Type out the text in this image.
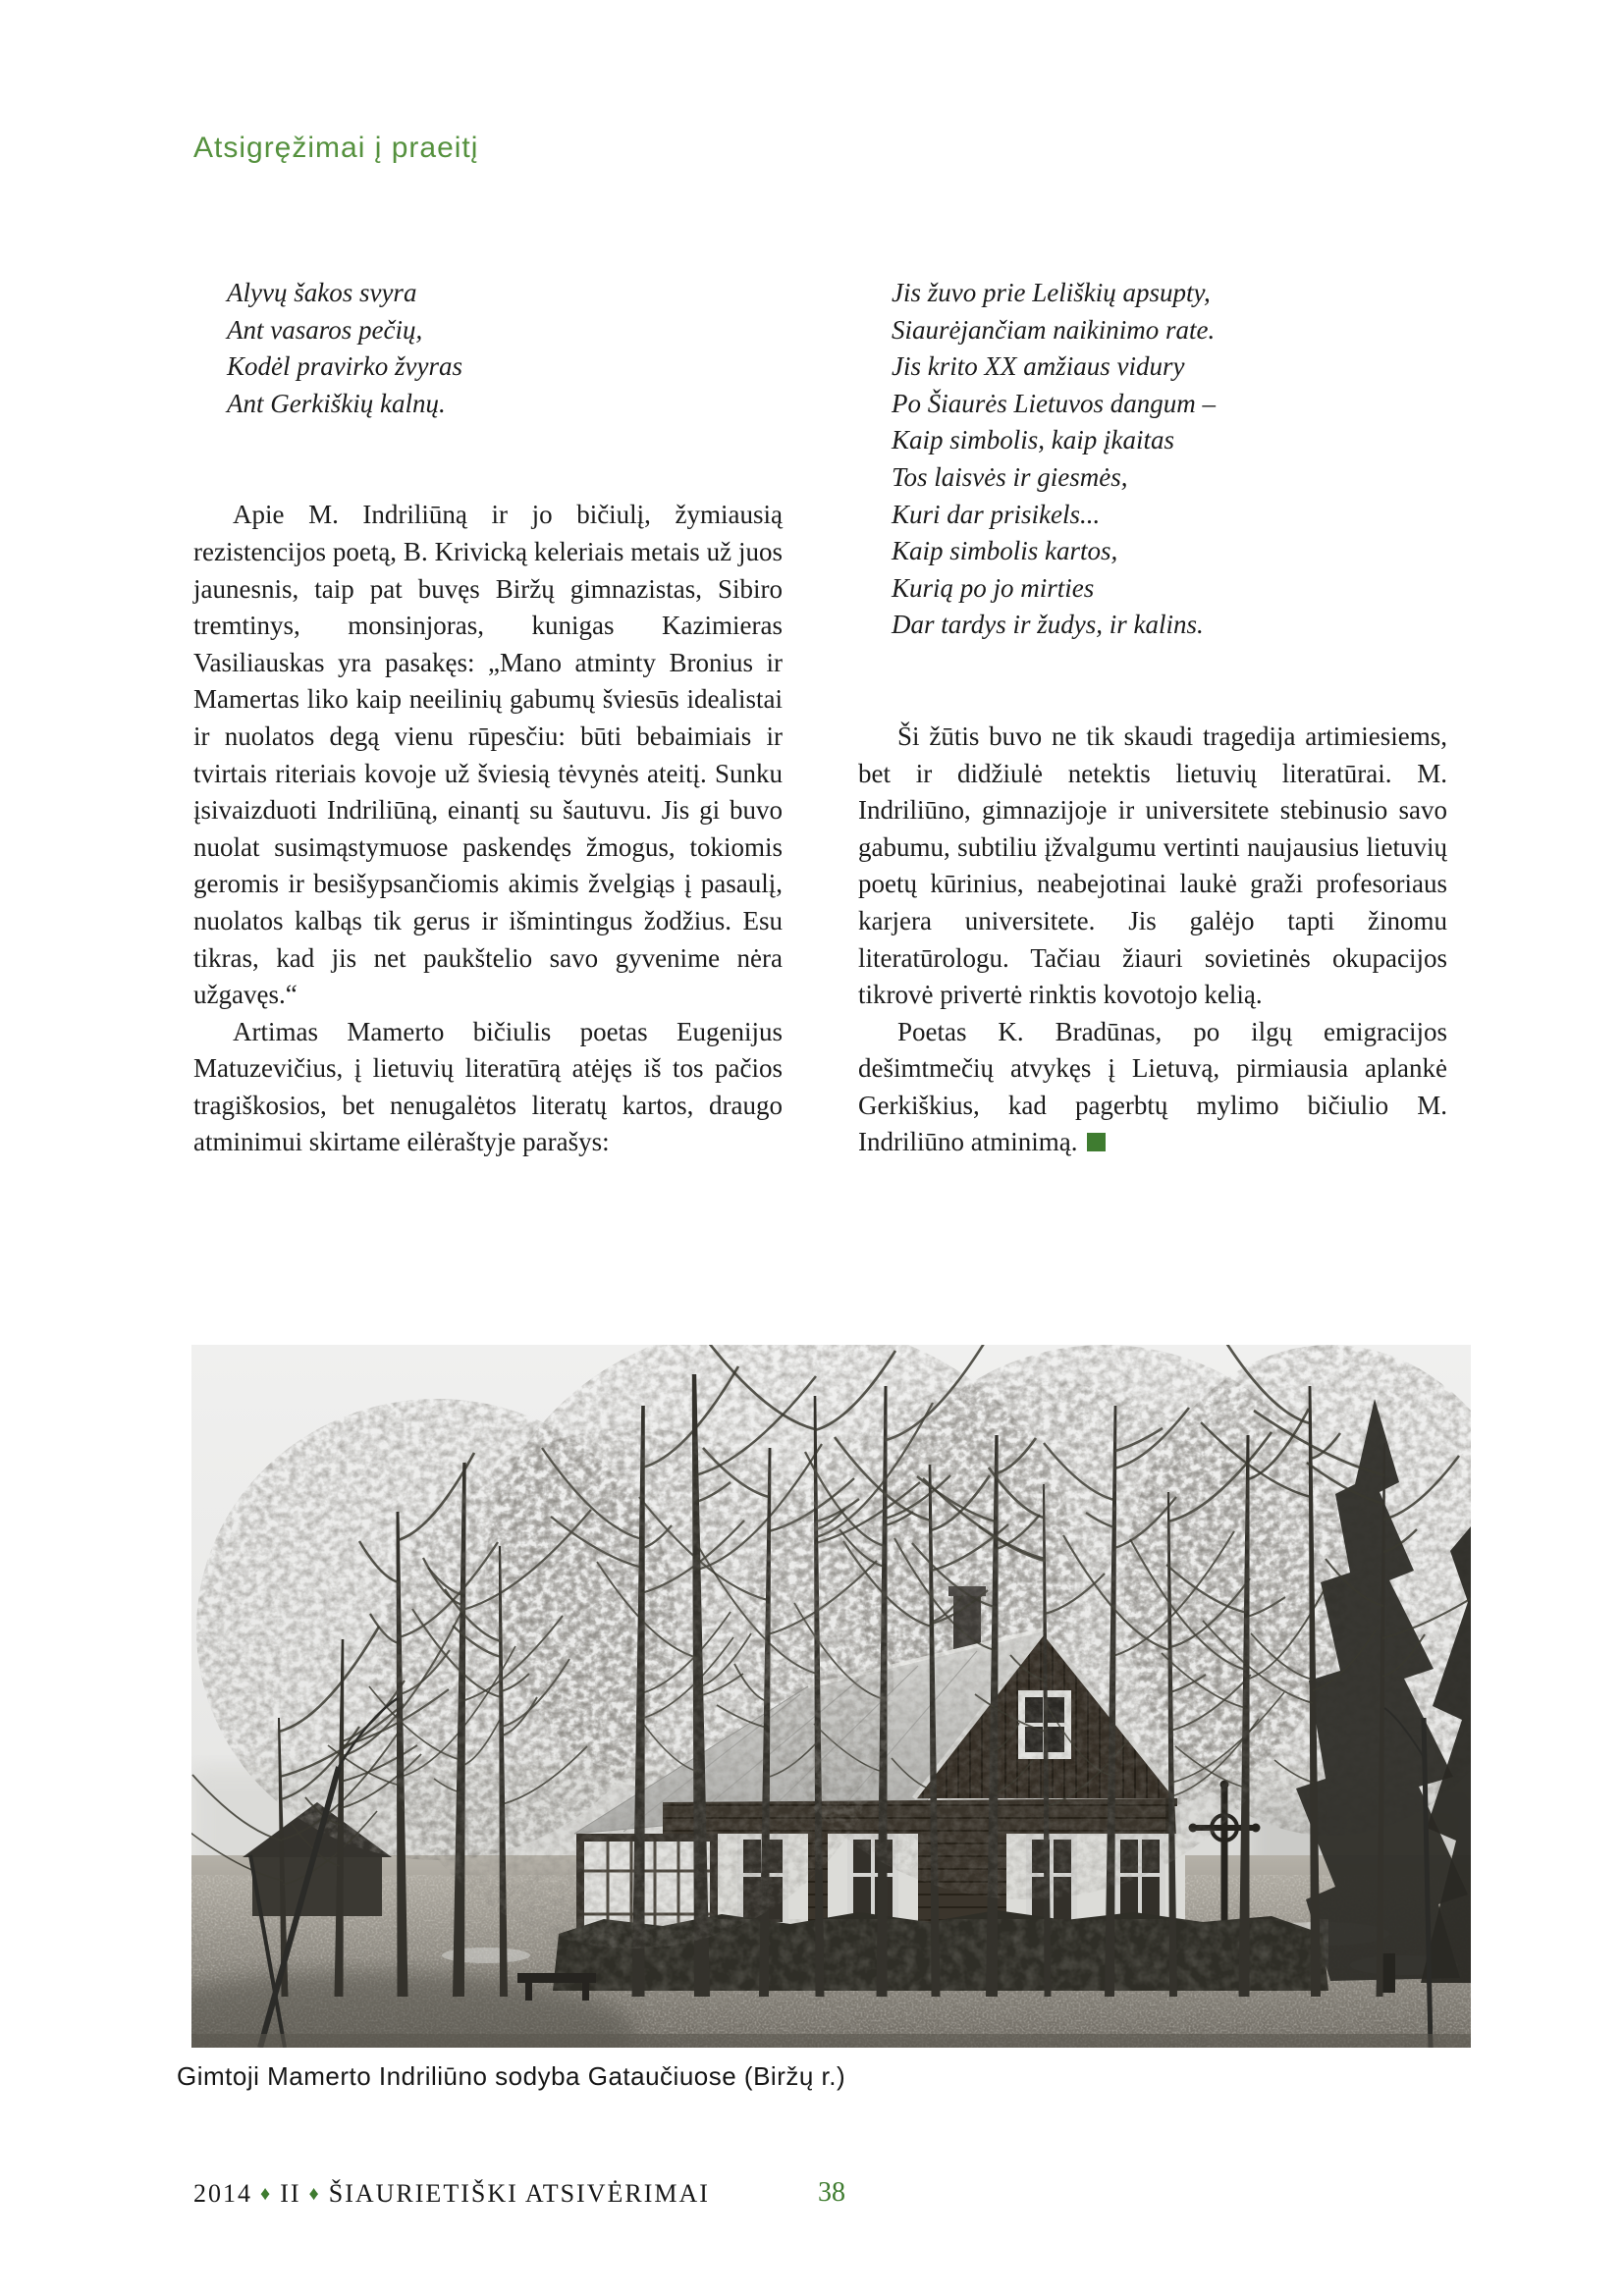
Atsigręžimai į praeitį
Alyvų šakos svyra
Ant vasaros pečių,
Kodėl pravirko žvyras
Ant Gerkiškių kalnų.

Apie M. Indriliūną ir jo bičiulį, žymiausią rezistencijos poetą, B. Krivicką keleriais metais už juos jaunesnis, taip pat buvęs Biržų gimnazistas, Sibiro tremtinys, monsinjoras, kunigas Kazimieras Vasiliauskas yra pasakęs: „Mano atminty Bronius ir Mamertas liko kaip neeilinių gabumų šviesūs idealistai ir nuolatos degą vienu rūpesčiu: būti bebaimiais ir tvirtais riteriais kovoje už šviesią tėvynės ateitį. Sunku įsivaizduoti Indriliūną, einantį su šautuvu. Jis gi buvo nuolat susimąstymuose paskendęs žmogus, tokiomis geromis ir besišypsančiomis akimis žvelgiąs į pasaulį, nuolatos kalbąs tik gerus ir išmintingus žodžius. Esu tikras, kad jis net paukštelio savo gyvenime nėra užgavęs.“

Artimas Mamerto bičiulis poetas Eugenijus Matuzevičius, į lietuvių literatūrą atėjęs iš tos pačios tragiškosios, bet nenugalėtos literatų kartos, draugo atminimui skirtame eilėraštyje parašys:

Jis žuvo prie Leliškių apsupty,
Siaurėjančiam naikinimo rate.
Jis krito XX amžiaus vidury
Po Šiaurės Lietuvos dangum –
Kaip simbolis, kaip įkaitas
Tos laisvės ir giesmės,
Kuri dar prisikels...
Kaip simbolis kartos,
Kurią po jo mirties
Dar tardys ir žudys, ir kalins.

Ši žūtis buvo ne tik skaudi tragedija artimiesiems, bet ir didžiulė netektis lietuvių literatūrai. M. Indriliūno, gimnazijoje ir universitete stebinusio savo gabumu, subtiliu įžvalgumu vertinti naujausius lietuvių poetų kūrinius, neabejotinai laukė graži profesoriaus karjera universitete. Jis galėjo tapti žinomu literatūrologu. Tačiau žiauri sovietinės okupacijos tikrovė privertė rinktis kovotojo kelią.

Poetas K. Bradūnas, po ilgų emigracijos dešimtmečių atvykęs į Lietuvą, pirmiausia aplankė Gerkiškius, kad pagerbtų mylimo bičiulio M. Indriliūno atminimą.

Gimtoji Mamerto Indriliūno sodyba Gataučiuose (Biržų r.)
2014 ♦ II ♦ ŠIAURIETIŠKI ATSIVĖRIMAI	38
